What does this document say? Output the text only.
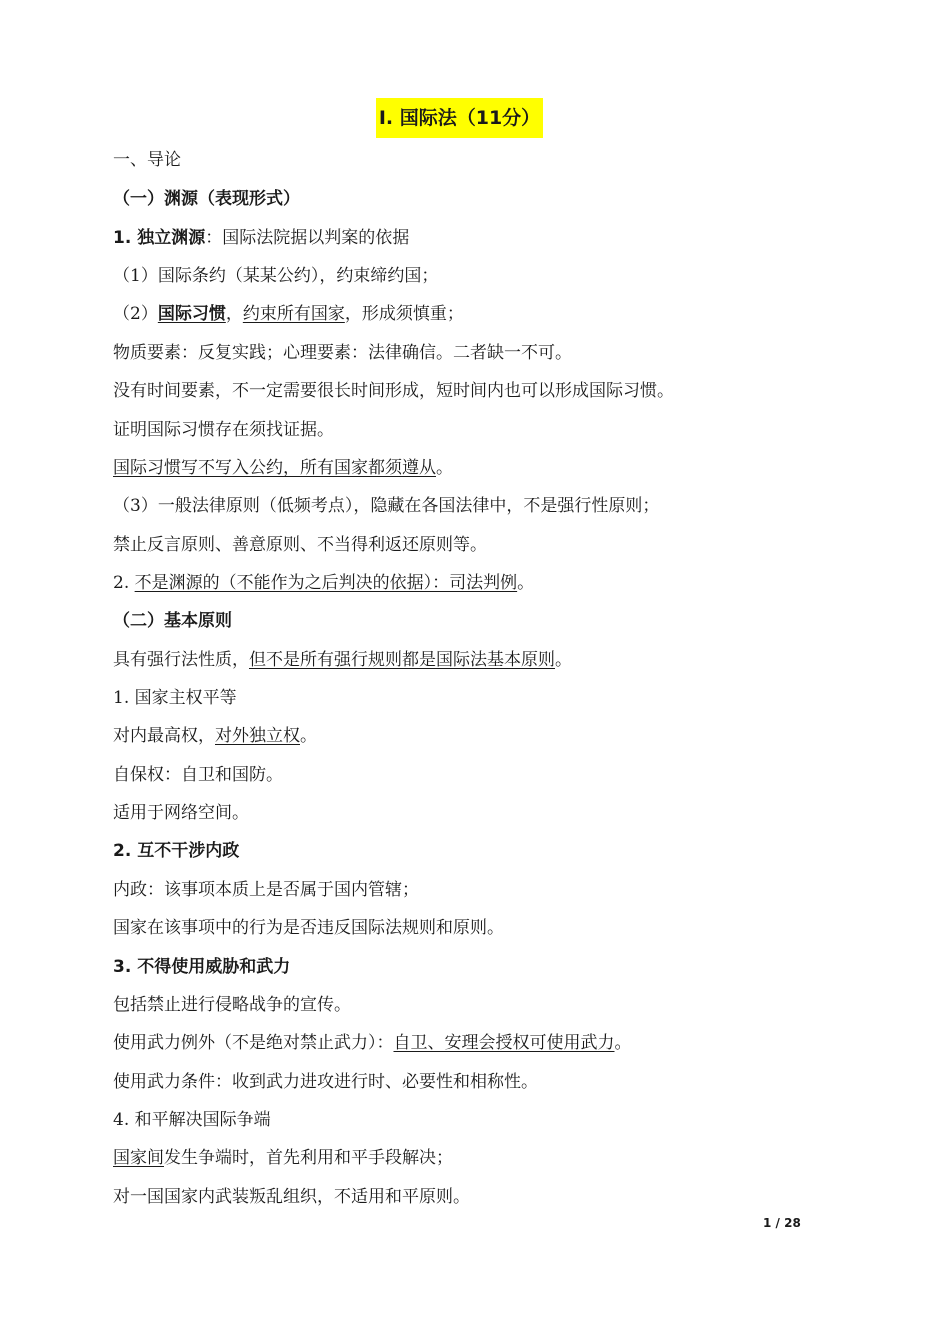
Ⅰ. 国际法（11分）
一、导论
（一）渊源（表现形式）
1. 独立渊源：国际法院据以判案的依据
（1）国际条约（某某公约），约束缔约国；
（2）国际习惯，约束所有国家，形成须慎重；
物质要素：反复实践；心理要素：法律确信。二者缺一不可。
没有时间要素，不一定需要很长时间形成，短时间内也可以形成国际习惯。
证明国际习惯存在须找证据。
国际习惯写不写入公约，所有国家都须遵从。
（3）一般法律原则（低频考点），隐藏在各国法律中，不是强行性原则；
禁止反言原则、善意原则、不当得利返还原则等。
2. 不是渊源的（不能作为之后判决的依据）：司法判例。
（二）基本原则
具有强行法性质，但不是所有强行规则都是国际法基本原则。
1. 国家主权平等
对内最高权，对外独立权。
自保权：自卫和国防。
适用于网络空间。
2. 互不干涉内政
内政：该事项本质上是否属于国内管辖；
国家在该事项中的行为是否违反国际法规则和原则。
3. 不得使用威胁和武力
包括禁止进行侵略战争的宣传。
使用武力例外（不是绝对禁止武力）：自卫、安理会授权可使用武力。
使用武力条件：收到武力进攻进行时、必要性和相称性。
4. 和平解决国际争端
国家间发生争端时，首先利用和平手段解决；
对一国国家内武装叛乱组织，不适用和平原则。
1 / 28
